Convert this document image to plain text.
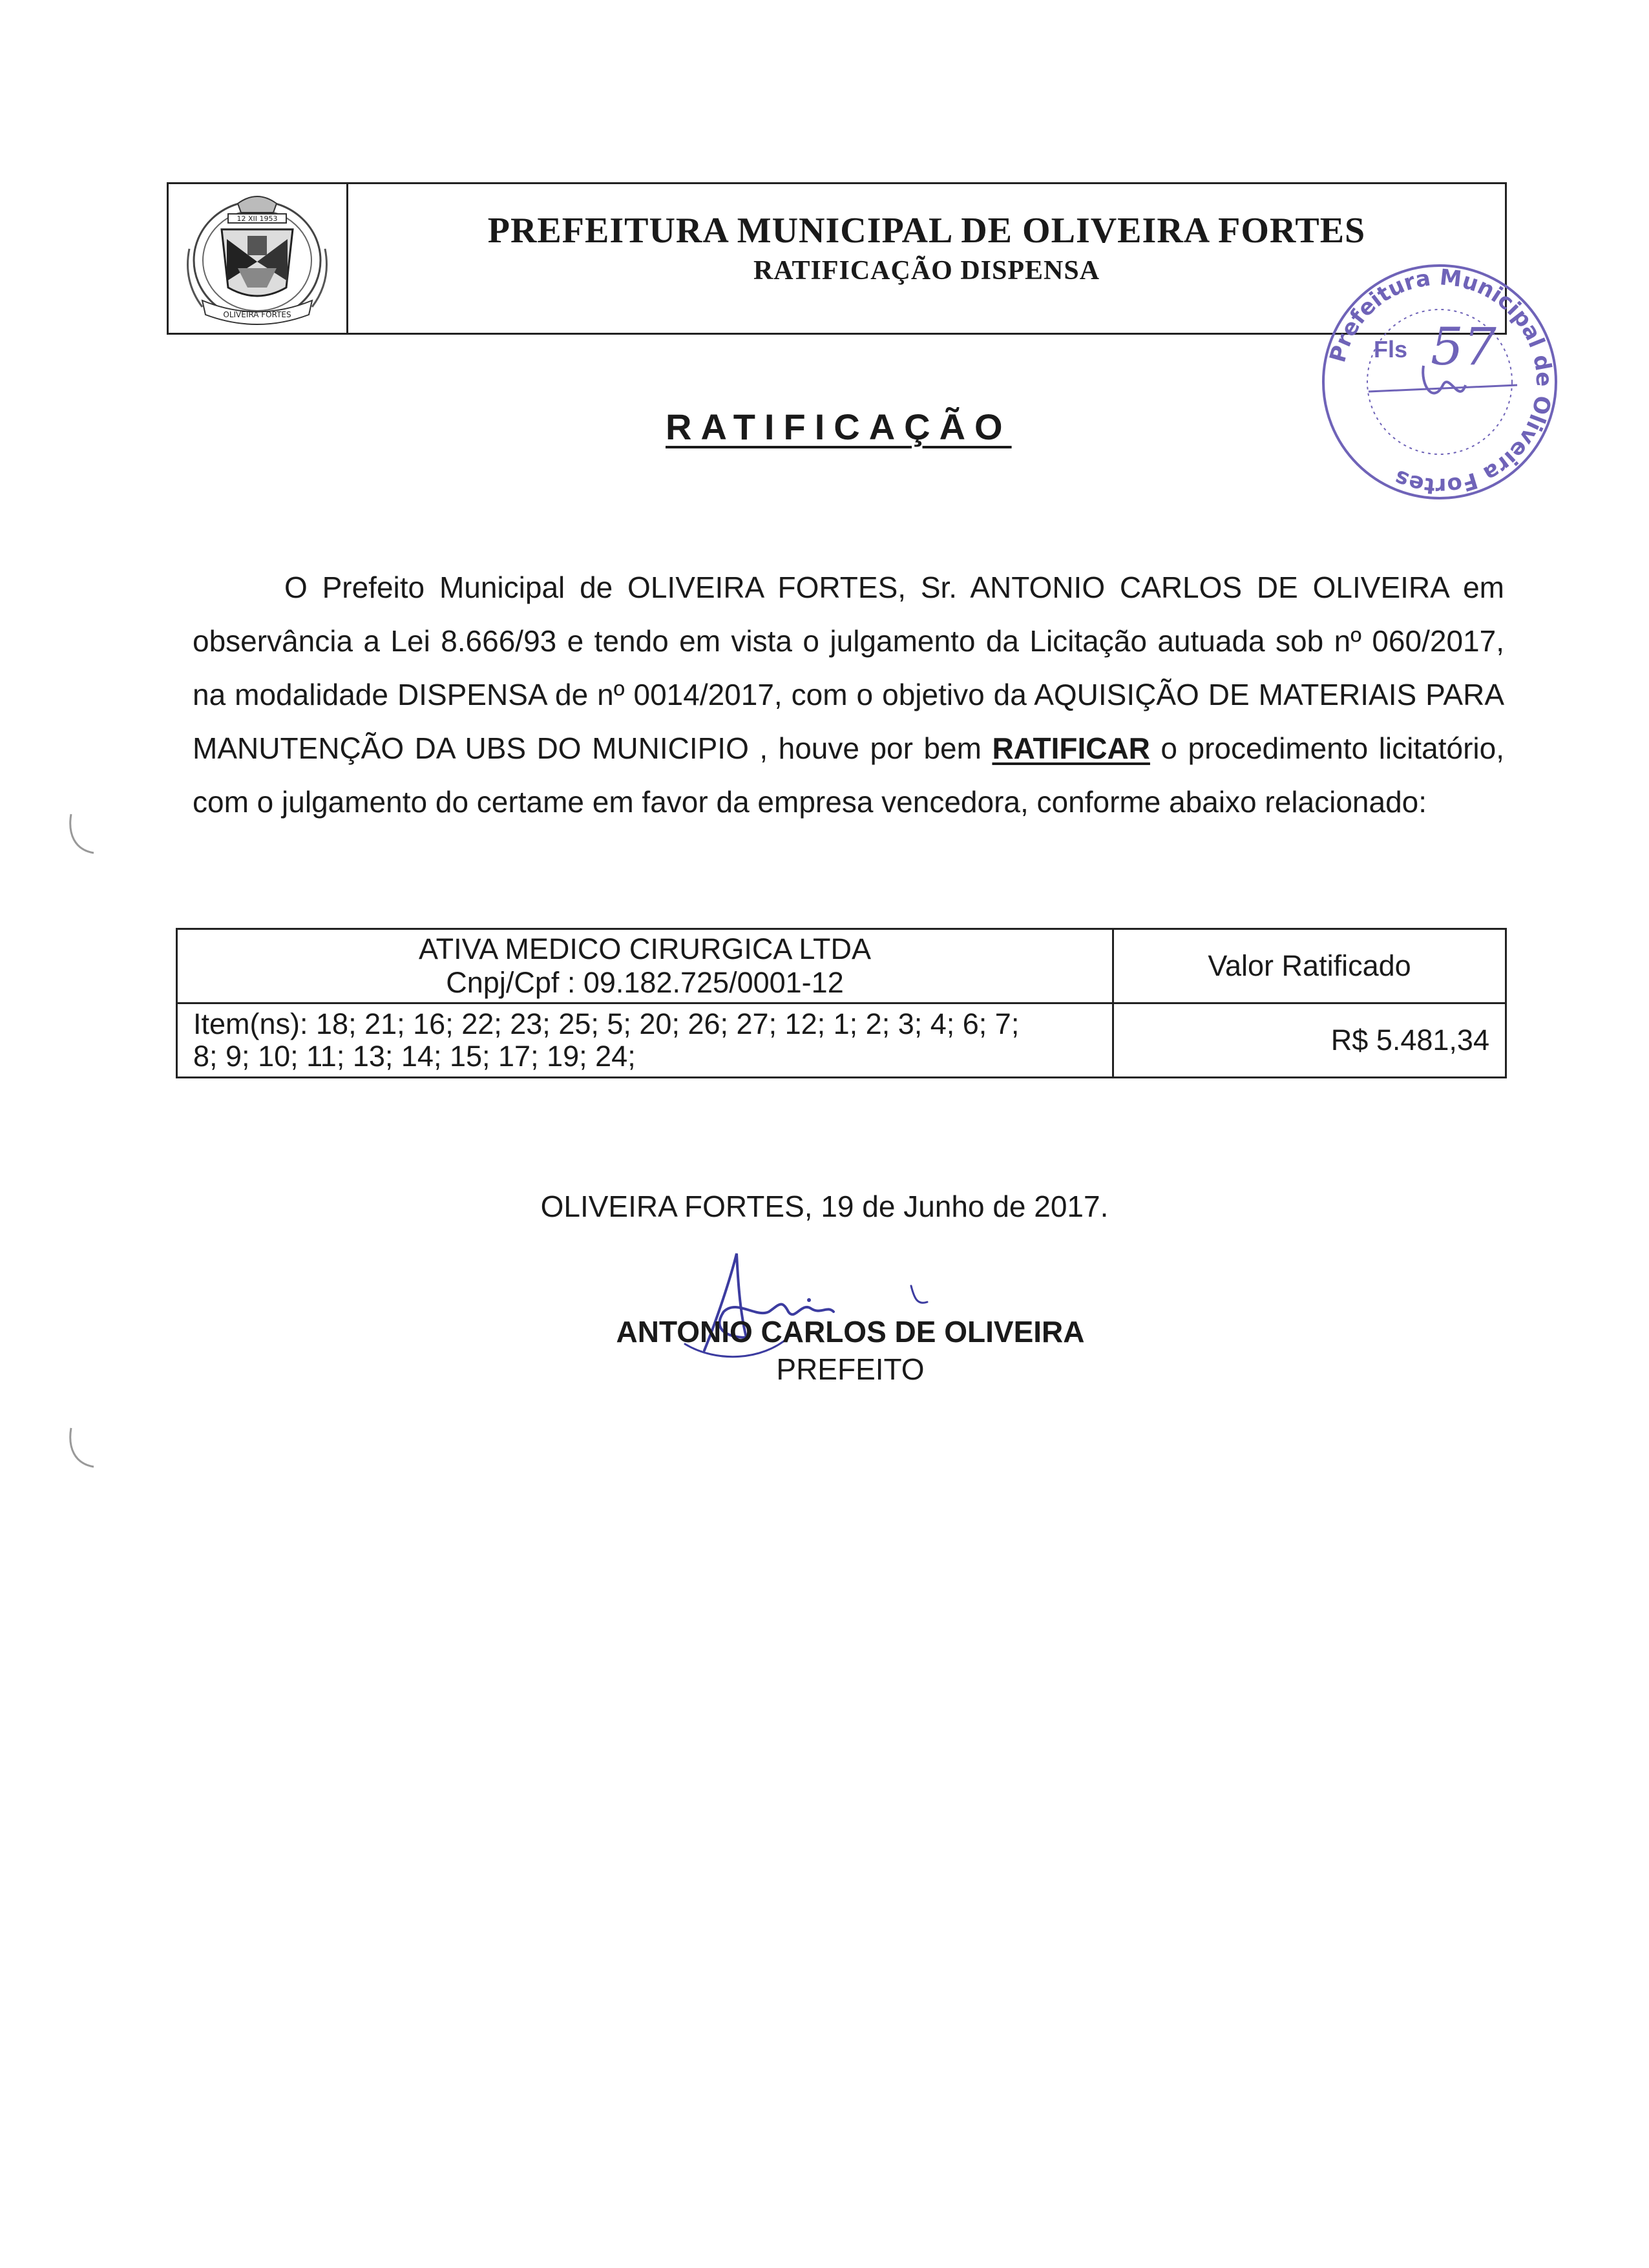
12 XII 1953
OLIVEIRA FORTES
PREFEITURA MUNICIPAL DE OLIVEIRA FORTES
RATIFICAÇÃO DISPENSA
Prefeitura Municipal de Oliveira Fortes
Fls 57
RATIFICAÇÃO
O Prefeito Municipal de OLIVEIRA FORTES, Sr. ANTONIO CARLOS DE OLIVEIRA em observância a Lei 8.666/93 e tendo em vista o julgamento da Licitação autuada sob nº 060/2017, na modalidade DISPENSA de nº 0014/2017, com o objetivo da AQUISIÇÃO DE MATERIAIS PARA MANUTENÇÃO DA UBS DO MUNICIPIO , houve por bem RATIFICAR o procedimento licitatório, com o julgamento do certame em favor da empresa vencedora, conforme abaixo relacionado:
ATIVA MEDICO CIRURGICA LTDA
Cnpj/Cpf : 09.182.725/0001-12	Valor Ratificado

Item(ns): 18; 21; 16; 22; 23; 25; 5; 20; 26; 27; 12; 1; 2; 3; 4; 6; 7;
8; 9; 10; 11; 13; 14; 15; 17; 19; 24;	R$ 5.481,34
OLIVEIRA FORTES, 19 de Junho de 2017.
ANTONIO CARLOS DE OLIVEIRA
PREFEITO
